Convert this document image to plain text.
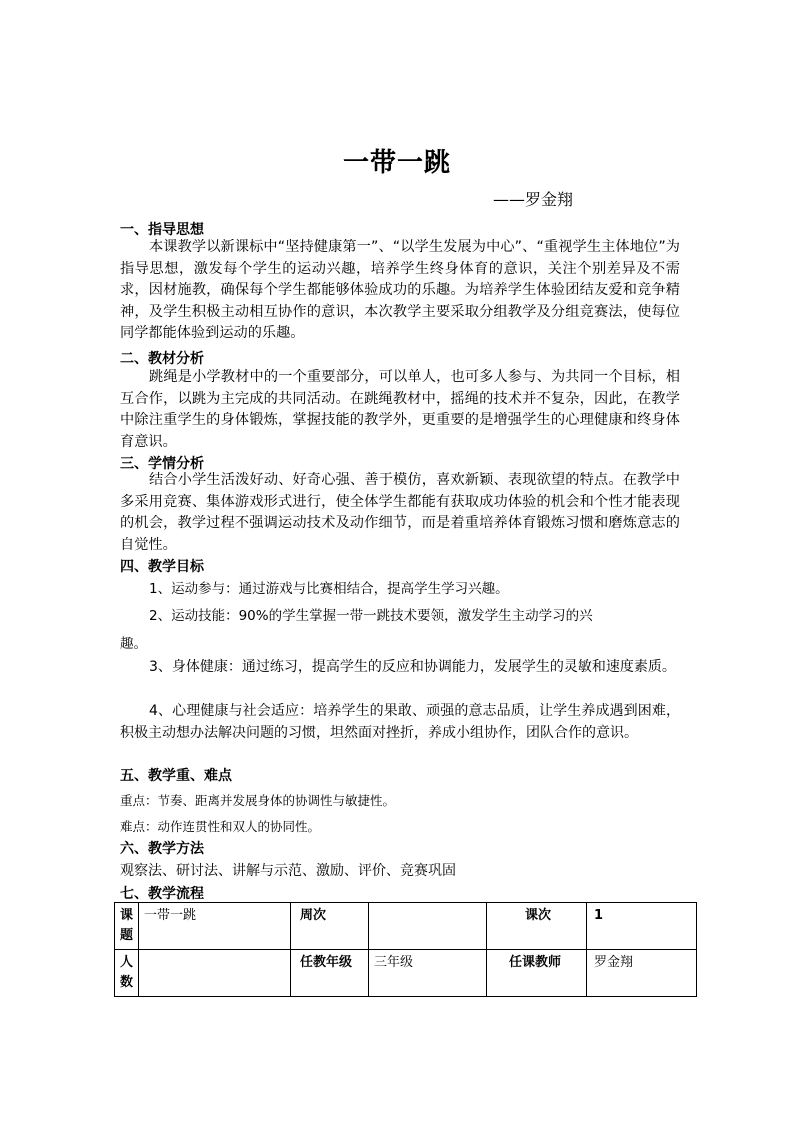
一带一跳
——罗金翔
一、指导思想
本课教学以新课标中“坚持健康第一”、“以学生发展为中心”、“重视学生主体地位”为指导思想，激发每个学生的运动兴趣，培养学生终身体育的意识，关注个别差异及不需求，因材施教，确保每个学生都能够体验成功的乐趣。为培养学生体验团结友爱和竞争精神，及学生积极主动相互协作的意识，本次教学主要采取分组教学及分组竞赛法，使每位同学都能体验到运动的乐趣。
二、教材分析
跳绳是小学教材中的一个重要部分，可以单人，也可多人参与、为共同一个目标，相互合作，以跳为主完成的共同活动。在跳绳教材中，摇绳的技术并不复杂，因此，在教学中除注重学生的身体锻炼，掌握技能的教学外，更重要的是增强学生的心理健康和终身体育意识。
三、学情分析
结合小学生活泼好动、好奇心强、善于模仿，喜欢新颖、表现欲望的特点。在教学中多采用竞赛、集体游戏形式进行，使全体学生都能有获取成功体验的机会和个性才能表现的机会，教学过程不强调运动技术及动作细节，而是着重培养体育锻炼习惯和磨炼意志的自觉性。
四、教学目标
1、运动参与：通过游戏与比赛相结合，提高学生学习兴趣。
2、运动技能：90%的学生掌握一带一跳技术要领，激发学生主动学习的兴
趣。
3、身体健康：通过练习，提高学生的反应和协调能力，发展学生的灵敏和速度素质。
4、心理健康与社会适应：培养学生的果敢、顽强的意志品质，让学生养成遇到困难，积极主动想办法解决问题的习惯，坦然面对挫折，养成小组协作，团队合作的意识。
五、教学重、难点
重点：节奏、距离并发展身体的协调性与敏捷性。
难点：动作连贯性和双人的协同性。
六、教学方法
观察法、研讨法、讲解与示范、激励、评价、竞赛巩固
七、教学流程
课题	一带一跳	周次		课次	1
人数		任教年级	三年级	任课教师	罗金翔
